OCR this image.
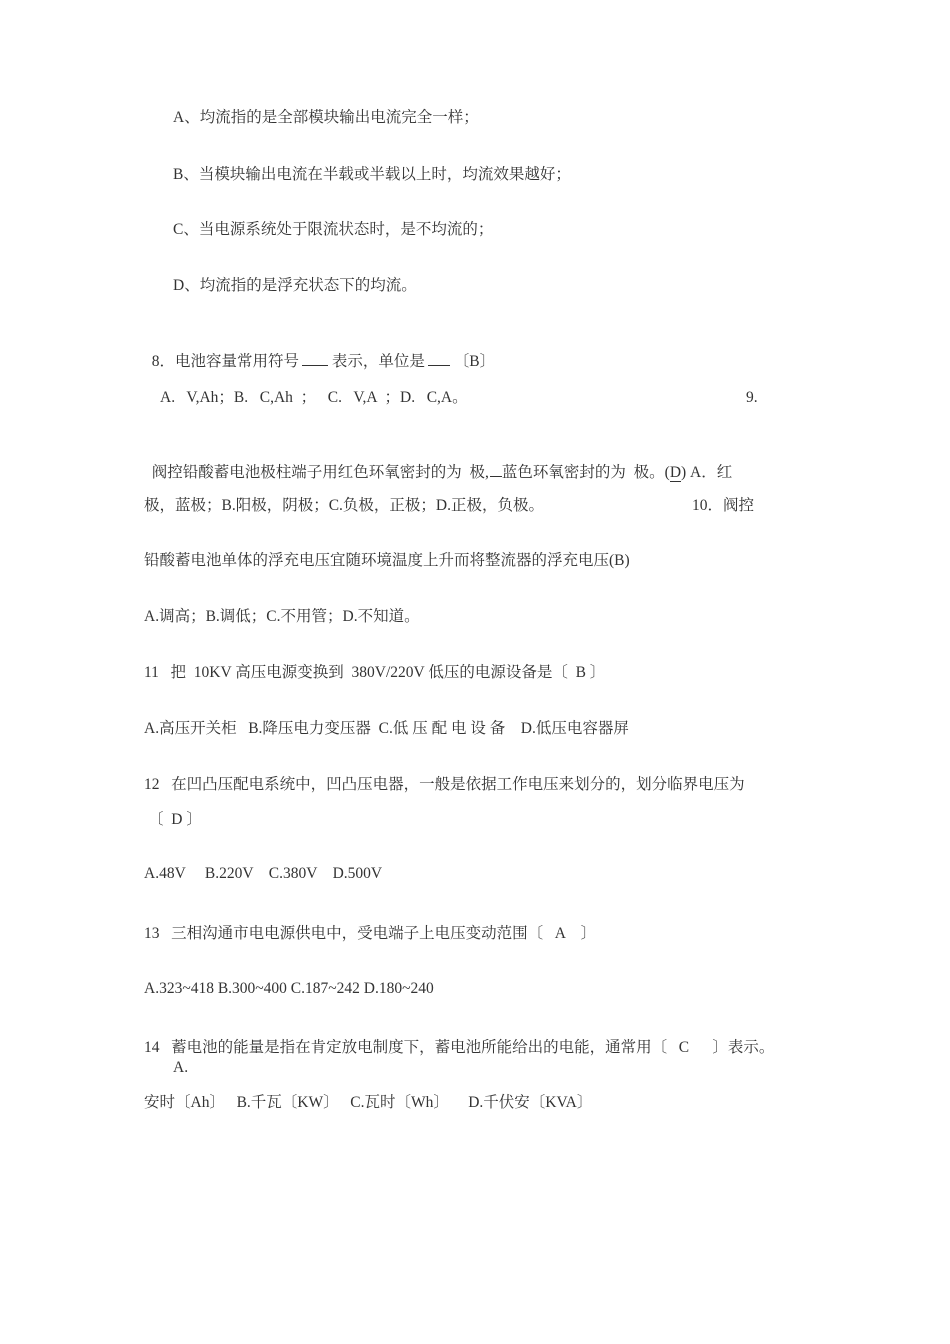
A、均流指的是全部模块输出电流完全一样；
B、当模块输出电流在半载或半载以上时，均流效果越好；
C、当电源系统处于限流状态时，是不均流的；
D、均流指的是浮充状态下的均流。

8．电池容量常用符号 表示，单位是 〔B〕

A.   V,Ah；B.   C,Ah  ；   C.   V,A  ；D.   C,A。	9.

阀控铅酸蓄电池极柱端子用红色环氧密封的为  极, 蓝色环氧密封的为  极。(D) A．红

极，蓝极；B.阳极，阴极；C.负极，正极；D.正极，负极。	10．阀控
铅酸蓄电池单体的浮充电压宜随环境温度上升而将整流器的浮充电压(B)
A.调高；B.调低；C.不用管；D.不知道。
11   把  10KV 高压电源变换到  380V/220V 低压的电源设备是〔  B 〕
A.高压开关柜   B.降压电力变压器  C.低 压 配 电 设 备    D.低压电容器屏
12   在凹凸压配电系统中，凹凸压电器，一般是依据工作电压来划分的，划分临界电压为
〔  D 〕
A.48V     B.220V    C.380V    D.500V
13   三相沟通市电电源供电中，受电端子上电压变动范围〔   A    〕
A.323~418 B.300~400 C.187~242 D.180~240
14   蓄电池的能量是指在肯定放电制度下，蓄电池所能给出的电能，通常用〔   C      〕表示。
A.
安时〔Ah〕   B.千瓦〔KW〕   C.瓦时〔Wh〕     D.千伏安〔KVA〕
